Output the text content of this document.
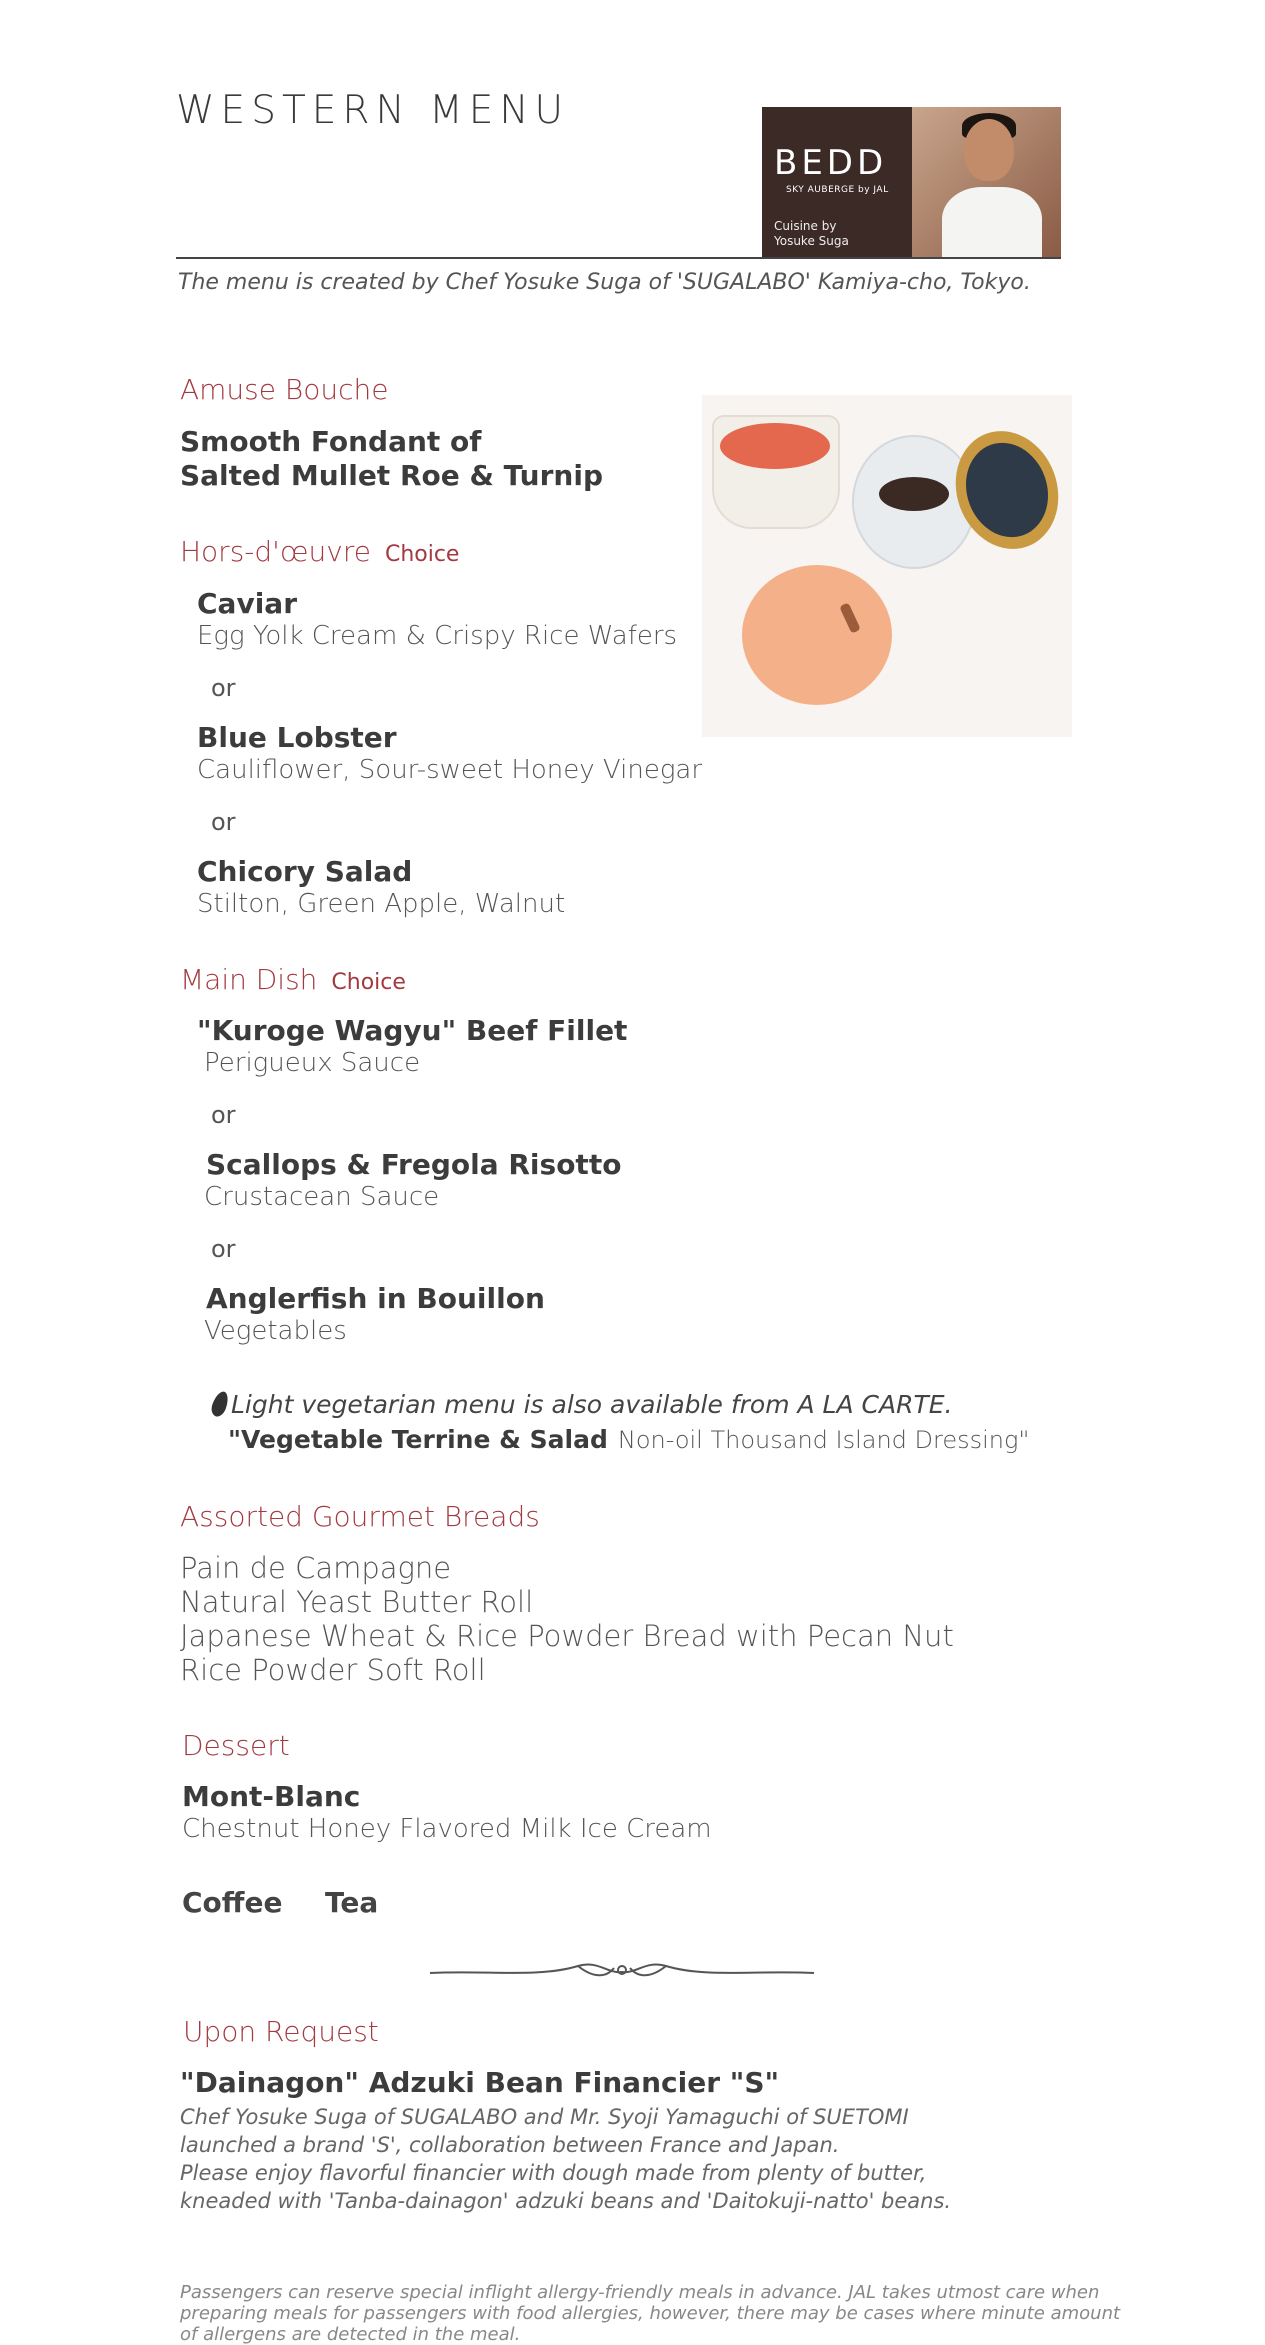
WESTERN MENU
BEDD
SKY AUBERGE by JAL
Cuisine by
Yosuke Suga
The menu is created by Chef Yosuke Suga of 'SUGALABO' Kamiya-cho, Tokyo.
Amuse Bouche
Smooth Fondant of
Salted Mullet Roe & Turnip
Hors-d'œuvre Choice
Caviar
Egg Yolk Cream & Crispy Rice Wafers
or
Blue Lobster
Cauliflower, Sour-sweet Honey Vinegar
or
Chicory Salad
Stilton, Green Apple, Walnut
Main Dish Choice
"Kuroge Wagyu" Beef Fillet
Perigueux Sauce
or
Scallops & Fregola Risotto
Crustacean Sauce
or
Anglerfish in Bouillon
Vegetables
Light vegetarian menu is also available from A LA CARTE.
"Vegetable Terrine & Salad Non-oil Thousand Island Dressing"
Assorted Gourmet Breads
Pain de Campagne
Natural Yeast Butter Roll
Japanese Wheat & Rice Powder Bread with Pecan Nut
Rice Powder Soft Roll
Dessert
Mont-Blanc
Chestnut Honey Flavored Milk Ice Cream
Coffee Tea
Upon Request
"Dainagon" Adzuki Bean Financier "S"
Chef Yosuke Suga of SUGALABO and Mr. Syoji Yamaguchi of SUETOMI
launched a brand 'S', collaboration between France and Japan.
Please enjoy flavorful financier with dough made from plenty of butter,
kneaded with 'Tanba-dainagon' adzuki beans and 'Daitokuji-natto' beans.
Passengers can reserve special inflight allergy-friendly meals in advance. JAL takes utmost care when
preparing meals for passengers with food allergies, however, there may be cases where minute amount
of allergens are detected in the meal.
